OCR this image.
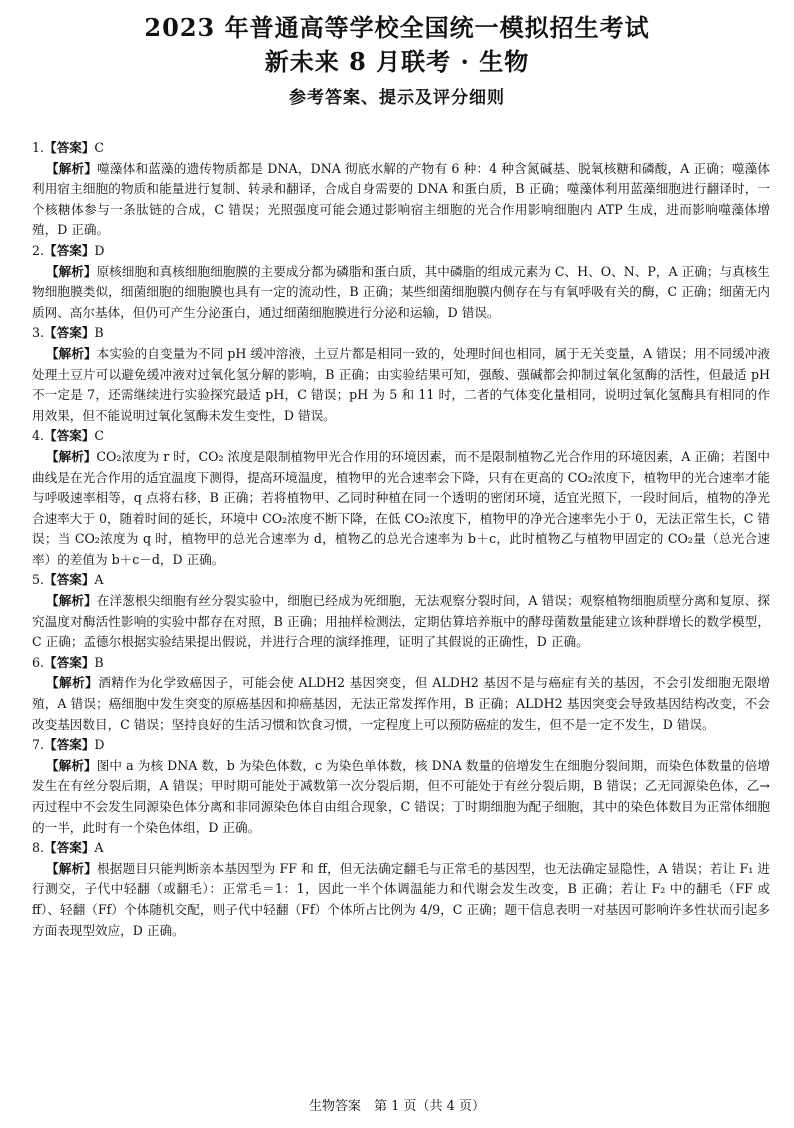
2023 年普通高等学校全国统一模拟招生考试
新未来 8 月联考 · 生物
参考答案、提示及评分细则
1.【答案】C
【解析】噬藻体和蓝藻的遗传物质都是 DNA，DNA 彻底水解的产物有 6 种：4 种含氮碱基、脱氧核糖和磷酸，A 正确；噬藻体利用宿主细胞的物质和能量进行复制、转录和翻译，合成自身需要的 DNA 和蛋白质，B 正确；噬藻体利用蓝藻细胞进行翻译时，一个核糖体参与一条肽链的合成，C 错误；光照强度可能会通过影响宿主细胞的光合作用影响细胞内 ATP 生成，进而影响噬藻体增殖，D 正确。
2.【答案】D
【解析】原核细胞和真核细胞细胞膜的主要成分都为磷脂和蛋白质，其中磷脂的组成元素为 C、H、O、N、P，A 正确；与真核生物细胞膜类似，细菌细胞的细胞膜也具有一定的流动性，B 正确；某些细菌细胞膜内侧存在与有氧呼吸有关的酶，C 正确；细菌无内质网、高尔基体，但仍可产生分泌蛋白，通过细菌细胞膜进行分泌和运输，D 错误。
3.【答案】B
【解析】本实验的自变量为不同 pH 缓冲溶液，土豆片都是相同一致的，处理时间也相同，属于无关变量，A 错误；用不同缓冲液处理土豆片可以避免缓冲液对过氧化氢分解的影响，B 正确；由实验结果可知，强酸、强碱都会抑制过氧化氢酶的活性，但最适 pH 不一定是 7，还需继续进行实验探究最适 pH，C 错误；pH 为 5 和 11 时，二者的气体变化量相同，说明过氧化氢酶具有相同的作用效果，但不能说明过氧化氢酶未发生变性，D 错误。
4.【答案】C
【解析】CO₂浓度为 r 时，CO₂ 浓度是限制植物甲光合作用的环境因素，而不是限制植物乙光合作用的环境因素，A 正确；若图中曲线是在光合作用的适宜温度下测得，提高环境温度，植物甲的光合速率会下降，只有在更高的 CO₂浓度下，植物甲的光合速率才能与呼吸速率相等，q 点将右移，B 正确；若将植物甲、乙同时种植在同一个透明的密闭环境，适宜光照下，一段时间后，植物的净光合速率大于 0，随着时间的延长，环境中 CO₂浓度不断下降，在低 CO₂浓度下，植物甲的净光合速率先小于 0，无法正常生长，C 错误；当 CO₂浓度为 q 时，植物甲的总光合速率为 d，植物乙的总光合速率为 b＋c，此时植物乙与植物甲固定的 CO₂量（总光合速率）的差值为 b＋c－d，D 正确。
5.【答案】A
【解析】在洋葱根尖细胞有丝分裂实验中，细胞已经成为死细胞，无法观察分裂时间，A 错误；观察植物细胞质壁分离和复原、探究温度对酶活性影响的实验中都存在对照，B 正确；用抽样检测法，定期估算培养瓶中的酵母菌数量能建立该种群增长的数学模型，C 正确；孟德尔根据实验结果提出假说，并进行合理的演绎推理，证明了其假说的正确性，D 正确。
6.【答案】B
【解析】酒精作为化学致癌因子，可能会使 ALDH2 基因突变，但 ALDH2 基因不是与癌症有关的基因，不会引发细胞无限增殖，A 错误；癌细胞中发生突变的原癌基因和抑癌基因，无法正常发挥作用，B 正确；ALDH2 基因突变会导致基因结构改变，不会改变基因数目，C 错误；坚持良好的生活习惯和饮食习惯，一定程度上可以预防癌症的发生，但不是一定不发生，D 错误。
7.【答案】D
【解析】图中 a 为核 DNA 数，b 为染色体数，c 为染色单体数，核 DNA 数量的倍增发生在细胞分裂间期，而染色体数量的倍增发生在有丝分裂后期，A 错误；甲时期可能处于减数第一次分裂后期，但不可能处于有丝分裂后期，B 错误；乙无同源染色体，乙→丙过程中不会发生同源染色体分离和非同源染色体自由组合现象，C 错误；丁时期细胞为配子细胞，其中的染色体数目为正常体细胞的一半，此时有一个染色体组，D 正确。
8.【答案】A
【解析】根据题目只能判断亲本基因型为 FF 和 ff，但无法确定翻毛与正常毛的基因型，也无法确定显隐性，A 错误；若让 F₁ 进行测交，子代中轻翻（或翻毛）：正常毛＝1：1，因此一半个体调温能力和代谢会发生改变，B 正确；若让 F₂ 中的翻毛（FF 或 ff）、轻翻（Ff）个体随机交配，则子代中轻翻（Ff）个体所占比例为 4/9，C 正确；题干信息表明一对基因可影响许多性状而引起多方面表现型效应，D 正确。
生物答案　第 1 页（共 4 页）
